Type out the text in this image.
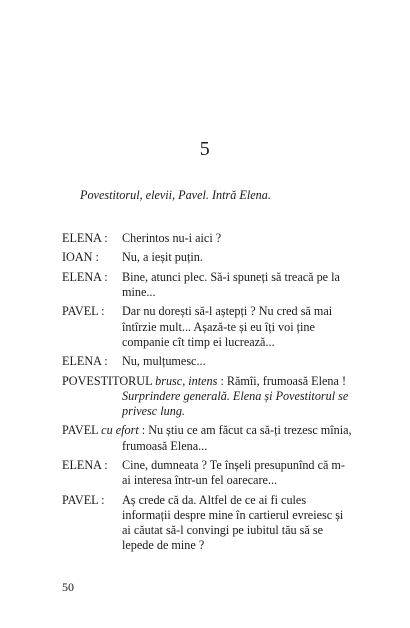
5
Povestitorul, elevii, Pavel. Intră Elena.
ELENA : Cherintos nu-i aici ?
IOAN : Nu, a ieșit puțin.
ELENA : Bine, atunci plec. Să-i spuneți să treacă pe la mine...
PAVEL : Dar nu dorești să-l aștepți ? Nu cred să mai întîrzie mult... Așază-te și eu îți voi ține companie cît timp ei lucrează...
ELENA : Nu, mulțumesc...
POVESTITORUL brusc, intens : Rămîi, frumoasă Elena ! Surprindere generală. Elena și Povestitorul se privesc lung.
PAVEL cu efort : Nu știu ce am făcut ca să-ți trezesc mînia, frumoasă Elena...
ELENA : Cine, dumneata ? Te înșeli presupunînd că m-ai interesa într-un fel oarecare...
PAVEL : Aș crede că da. Altfel de ce ai fi cules informații despre mine în cartierul evreiesc și ai căutat să-l convingi pe iubitul tău să se lepede de mine ?
50
